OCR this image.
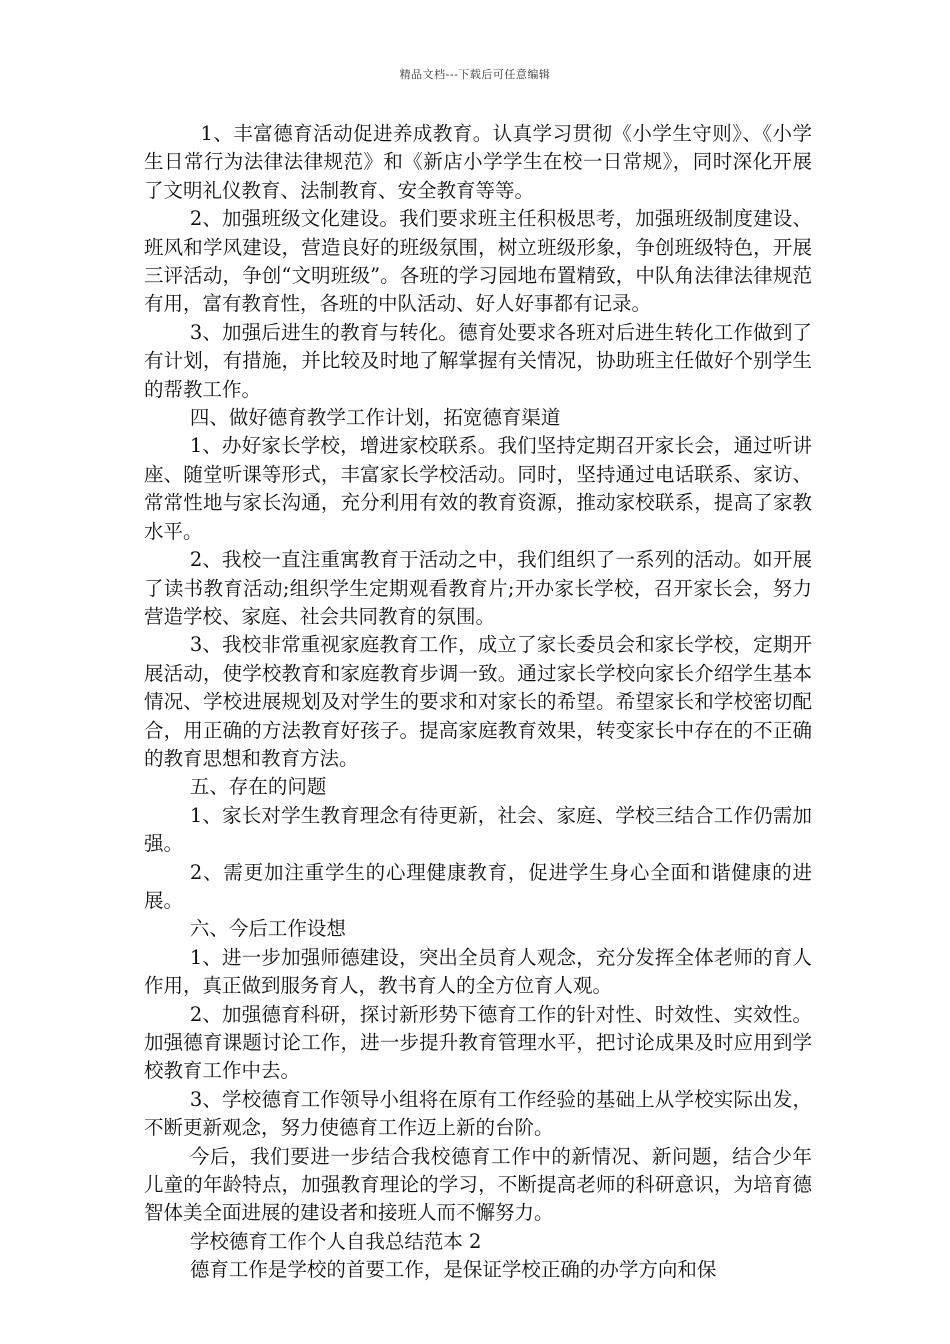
精品文档---下载后可任意编辑

1、丰富德育活动促进养成教育。认真学习贯彻《小学生守则》、《小学生日常行为法律法律规范》和《新店小学学生在校一日常规》，同时深化开展了文明礼仪教育、法制教育、安全教育等等。

2、加强班级文化建设。我们要求班主任积极思考，加强班级制度建设、班风和学风建设，营造良好的班级氛围，树立班级形象，争创班级特色，开展三评活动，争创“文明班级”。各班的学习园地布置精致，中队角法律法律规范有用，富有教育性，各班的中队活动、好人好事都有记录。

3、加强后进生的教育与转化。德育处要求各班对后进生转化工作做到了有计划，有措施，并比较及时地了解掌握有关情况，协助班主任做好个别学生的帮教工作。

四、做好德育教学工作计划，拓宽德育渠道

1、办好家长学校，增进家校联系。我们坚持定期召开家长会，通过听讲座、随堂听课等形式，丰富家长学校活动。同时，坚持通过电话联系、家访、常常性地与家长沟通，充分利用有效的教育资源，推动家校联系，提高了家教水平。

2、我校一直注重寓教育于活动之中，我们组织了一系列的活动。如开展了读书教育活动;组织学生定期观看教育片;开办家长学校，召开家长会，努力营造学校、家庭、社会共同教育的氛围。

3、我校非常重视家庭教育工作，成立了家长委员会和家长学校，定期开展活动，使学校教育和家庭教育步调一致。通过家长学校向家长介绍学生基本情况、学校进展规划及对学生的要求和对家长的希望。希望家长和学校密切配合，用正确的方法教育好孩子。提高家庭教育效果，转变家长中存在的不正确的教育思想和教育方法。

五、存在的问题

1、家长对学生教育理念有待更新，社会、家庭、学校三结合工作仍需加强。

2、需更加注重学生的心理健康教育，促进学生身心全面和谐健康的进展。

六、今后工作设想

1、进一步加强师德建设，突出全员育人观念，充分发挥全体老师的育人作用，真正做到服务育人，教书育人的全方位育人观。

2、加强德育科研，探讨新形势下德育工作的针对性、时效性、实效性。加强德育课题讨论工作，进一步提升教育管理水平，把讨论成果及时应用到学校教育工作中去。

3、学校德育工作领导小组将在原有工作经验的基础上从学校实际出发，不断更新观念，努力使德育工作迈上新的台阶。

今后，我们要进一步结合我校德育工作中的新情况、新问题，结合少年儿童的年龄特点，加强教育理论的学习，不断提高老师的科研意识，为培育德智体美全面进展的建设者和接班人而不懈努力。

学校德育工作个人自我总结范本 2

德育工作是学校的首要工作，是保证学校正确的办学方向和保
